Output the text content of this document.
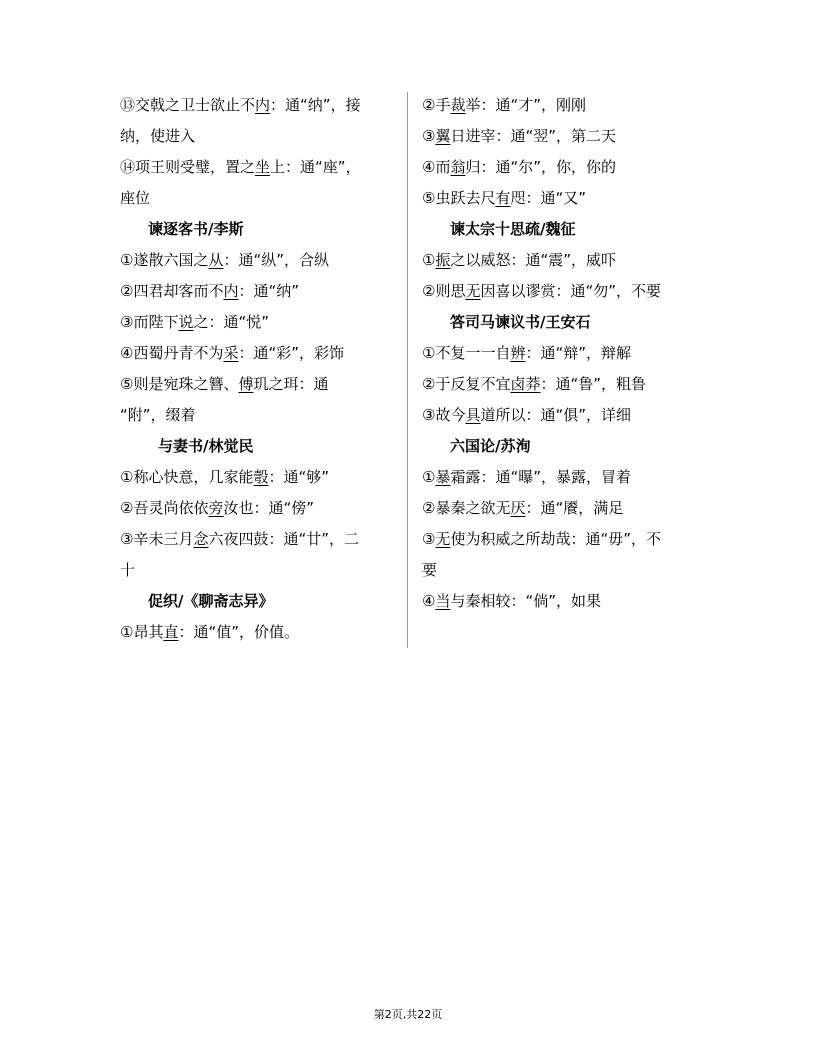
⑬交戟之卫士欲止不内：通“纳”，接
纳，使进入
⑭项王则受璧，置之坐上：通“座”，
座位
谏逐客书/李斯
①遂散六国之从：通“纵”，合纵
②四君却客而不内：通“纳”
③而陛下说之：通“悦”
④西蜀丹青不为采：通“彩”，彩饰
⑤则是宛珠之簪、傅玑之珥：通
“附”，缀着
与妻书/林觉民
①称心快意，几家能彀：通“够”
②吾灵尚依依旁汝也：通“傍”
③辛未三月念六夜四鼓：通“廿”，二
十
促织/《聊斋志异》
①昂其直：通“值”，价值。
②手裁举：通“才”，刚刚
③翼日进宰：通“翌”，第二天
④而翁归：通“尔”，你，你的
⑤虫跃去尺有咫：通“又”
谏太宗十思疏/魏征
①振之以威怒：通“震”，威吓
②则思无因喜以谬赏：通“勿”，不要
答司马谏议书/王安石
①不复一一自辨：通“辩”，辩解
②于反复不宜卤莽：通“鲁”，粗鲁
③故今具道所以：通“俱”，详细
六国论/苏洵
①暴霜露：通“曝”，暴露，冒着
②暴秦之欲无厌：通“餍，满足
③无使为积威之所劫哉：通“毋”，不
要
④当与秦相较：“倘”，如果
第2页,共22页
